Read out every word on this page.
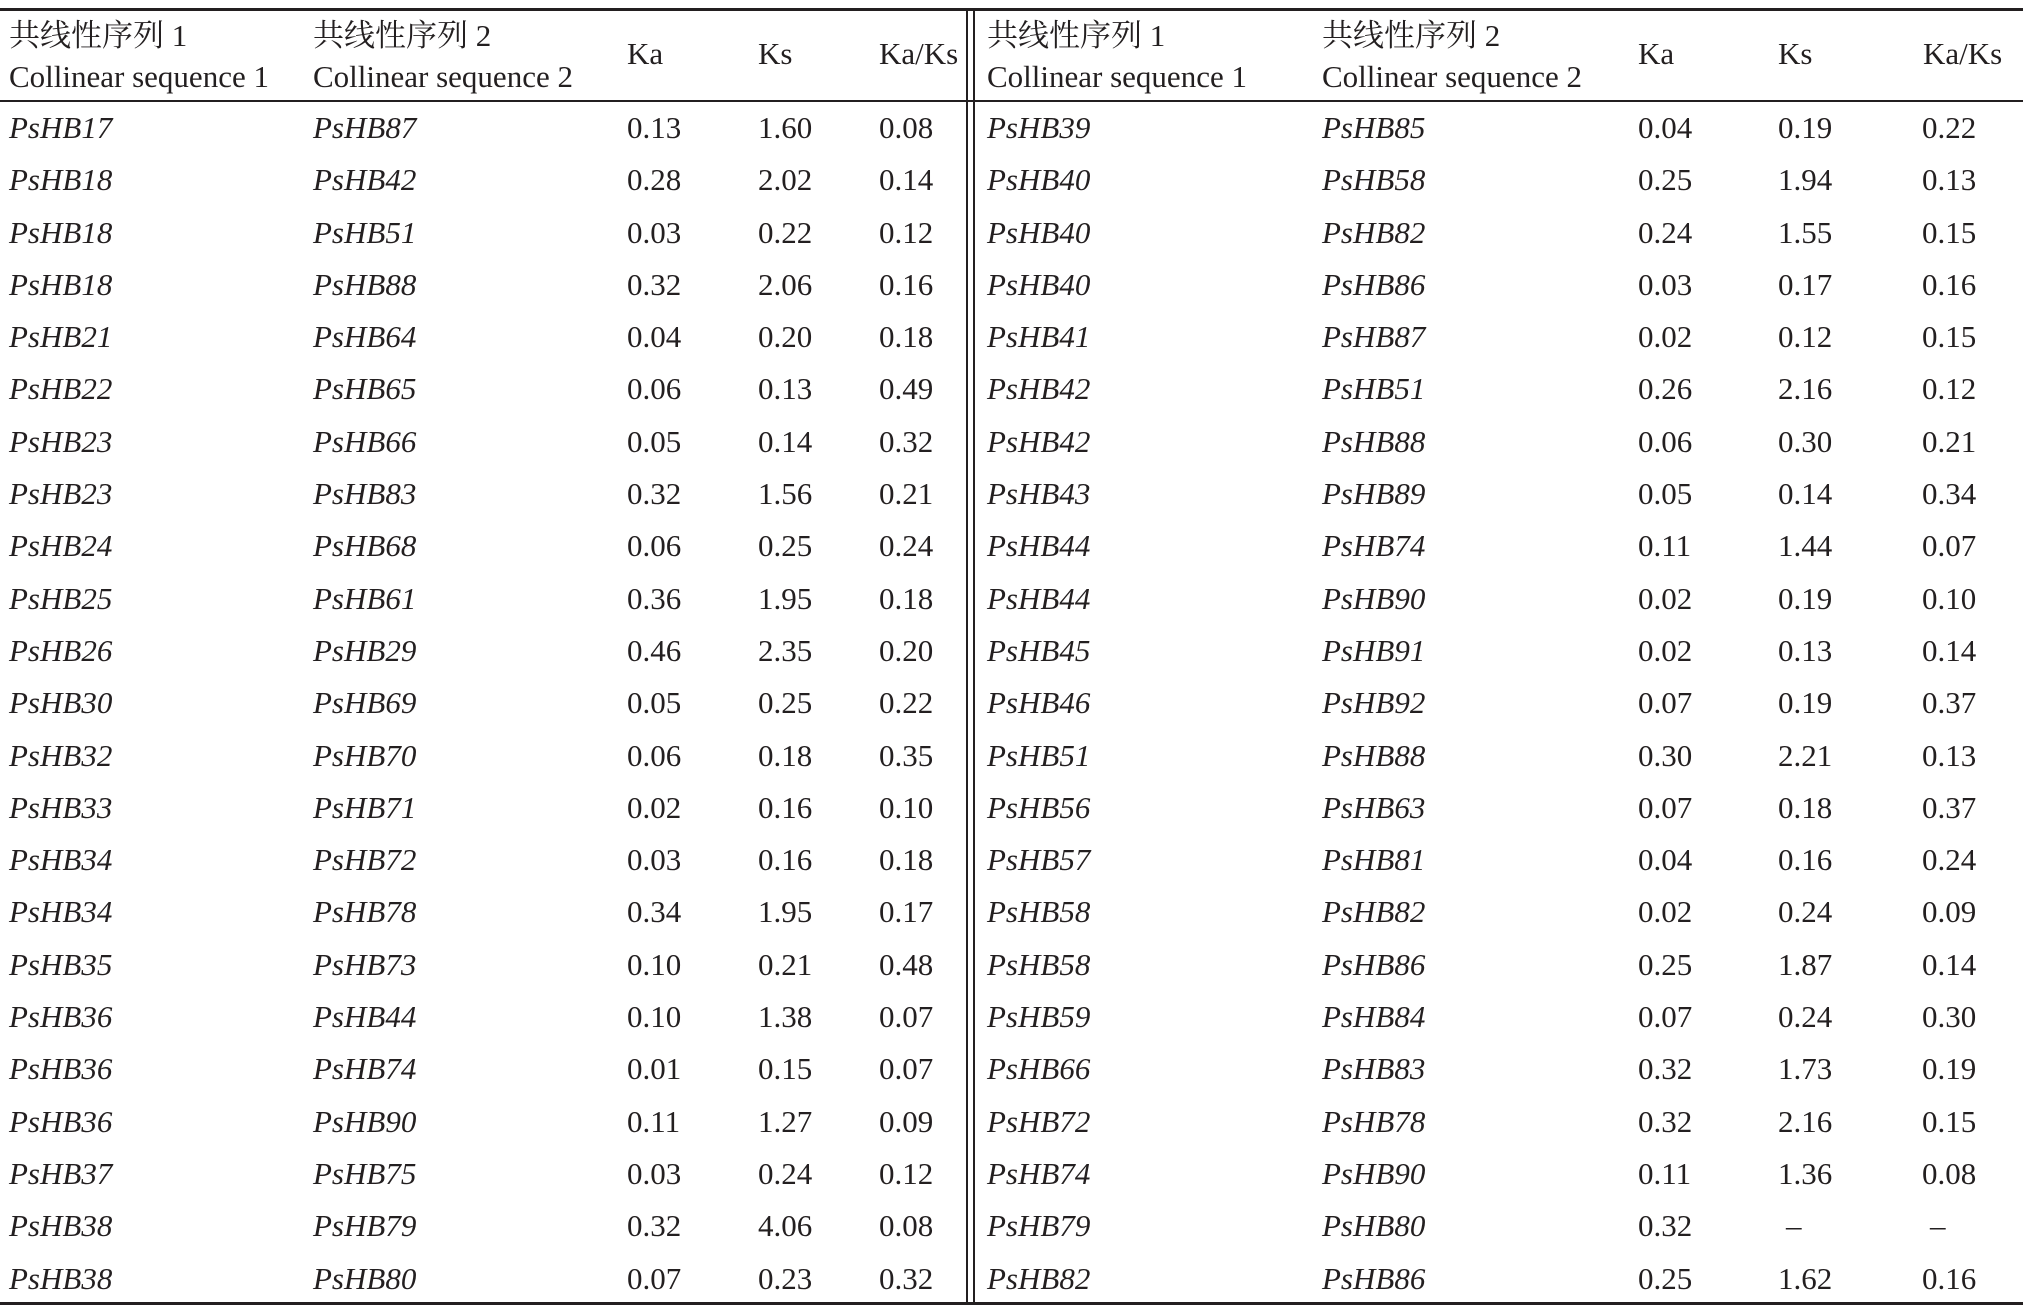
共线性序列 1
Collinear sequence 1
共线性序列 2
Collinear sequence 2
Ka	Ks	Ka/Ks
PsHB17	PsHB87	0.13 1.60 0.08
PsHB18	PsHB42	0.28 2.02 0.14
PsHB18	PsHB51	0.03 0.22 0.12
PsHB18	PsHB88	0.32 2.06 0.16
PsHB21	PsHB64	0.04 0.20 0.18
PsHB22	PsHB65	0.06 0.13 0.49
PsHB23	PsHB66	0.05 0.14 0.32
PsHB23	PsHB83	0.32 1.56 0.21
PsHB24	PsHB68	0.06 0.25 0.24
PsHB25	PsHB61	0.36 1.95 0.18
PsHB26	PsHB29	0.46 2.35 0.20
PsHB30	PsHB69	0.05 0.25 0.22
PsHB32	PsHB70	0.06 0.18 0.35
PsHB33	PsHB71	0.02 0.16 0.10
PsHB34	PsHB72	0.03 0.16 0.18
PsHB34	PsHB78	0.34 1.95 0.17
PsHB35	PsHB73	0.10 0.21 0.48
PsHB36	PsHB44	0.10 1.38 0.07
PsHB36	PsHB74	0.01 0.15 0.07
PsHB36	PsHB90	0.11	1.27 0.09
PsHB37	PsHB75	0.03 0.24 0.12
PsHB38	PsHB79	0.32 4.06 0.08
PsHB38	PsHB80	0.07 0.23 0.32
共线性序列 1
Collinear sequence 1
共线性序列 2
Collinear sequence 2
Ka	Ks	Ka/Ks
PsHB39	PsHB85	0.04	0.19	0.22
PsHB40	PsHB58	0.25	1.94	0.13
PsHB40	PsHB82	0.24	1.55	0.15
PsHB40	PsHB86	0.03	0.17	0.16
PsHB41	PsHB87	0.02	0.12	0.15
PsHB42	PsHB51	0.26	2.16	0.12
PsHB42	PsHB88	0.06	0.30	0.21
PsHB43	PsHB89	0.05	0.14	0.34
PsHB44	PsHB74	0.11	1.44	0.07
PsHB44	PsHB90	0.02	0.19	0.10
PsHB45	PsHB91	0.02	0.13	0.14
PsHB46	PsHB92	0.07	0.19	0.37
PsHB51	PsHB88	0.30	2.21	0.13
PsHB56	PsHB63	0.07	0.18	0.37
PsHB57	PsHB81	0.04	0.16	0.24
PsHB58	PsHB82	0.02	0.24	0.09
PsHB58	PsHB86	0.25	1.87	0.14
PsHB59	PsHB84	0.07	0.24	0.30
PsHB66	PsHB83	0.32	1.73	0.19
PsHB72	PsHB78	0.32	2.16	0.15
PsHB74	PsHB90	0.11	1.36	0.08
PsHB79	PsHB80	0.32	–	–
PsHB82	PsHB86	0.25	1.62	0.16
